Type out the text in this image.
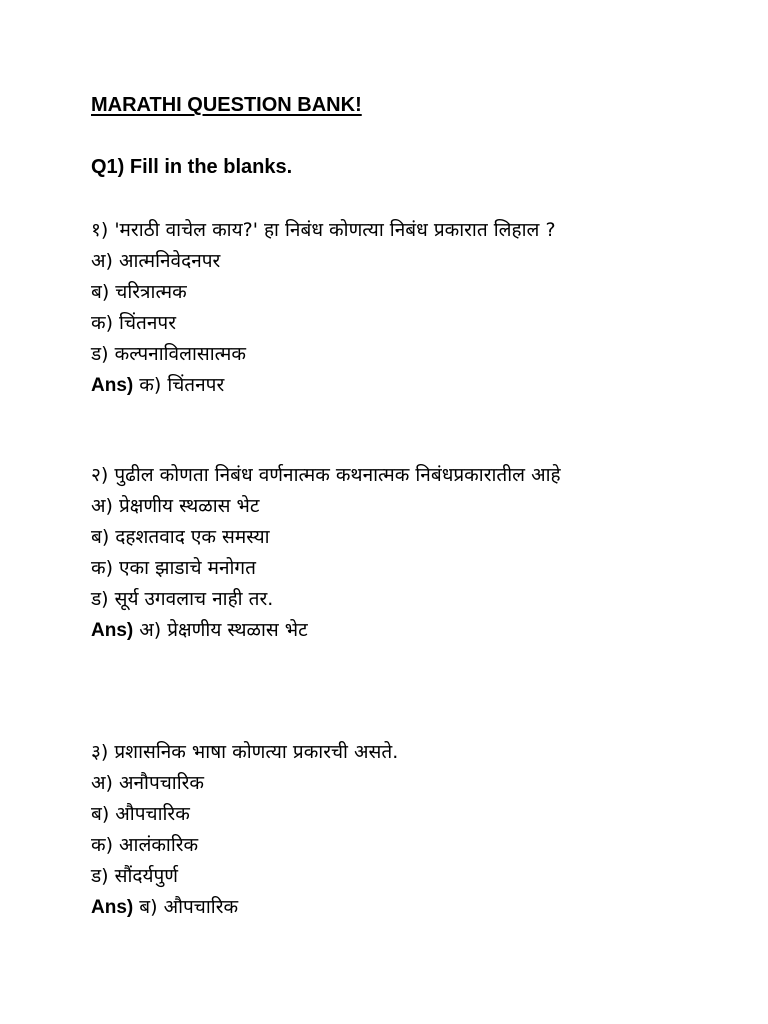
MARATHI QUESTION BANK!
Q1) Fill in the blanks.
१) 'मराठी वाचेल काय?' हा निबंध कोणत्या निबंध प्रकारात लिहाल ?
अ) आत्मनिवेदनपर
ब) चरित्रात्मक
क) चिंतनपर
ड) कल्पनाविलासात्मक
Ans) क) चिंतनपर
२) पुढील कोणता निबंध वर्णनात्मक कथनात्मक निबंधप्रकारातील आहे
अ) प्रेक्षणीय स्थळास भेट
ब) दहशतवाद एक समस्या
क) एका झाडाचे मनोगत
ड) सूर्य उगवलाच नाही तर.
Ans) अ) प्रेक्षणीय स्थळास भेट
३) प्रशासनिक भाषा कोणत्या प्रकारची असते.
अ) अनौपचारिक
ब) औपचारिक
क) आलंकारिक
ड) सौंदर्यपुर्ण
Ans) ब) औपचारिक
